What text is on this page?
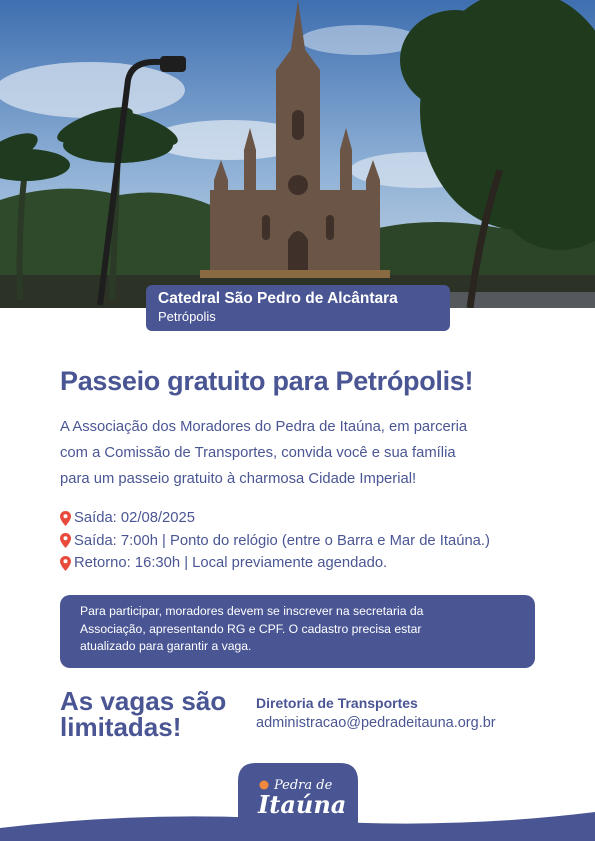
Catedral São Pedro de Alcântara
Petrópolis
Passeio gratuito para Petrópolis!
A Associação dos Moradores do Pedra de Itaúna, em parceria
com a Comissão de Transportes, convida você e sua família
para um passeio gratuito à charmosa Cidade Imperial!
Saída: 02/08/2025
Saída: 7:00h | Ponto do relógio (entre o Barra e Mar de Itaúna.)
Retorno: 16:30h | Local previamente agendado.
Para participar, moradores devem se inscrever na secretaria da
Associação, apresentando RG e CPF. O cadastro precisa estar
atualizado para garantir a vaga.
As vagas são
limitadas!
Diretoria de Transportes
administracao@pedradeitauna.org.br
Pedra de
Itaúna
